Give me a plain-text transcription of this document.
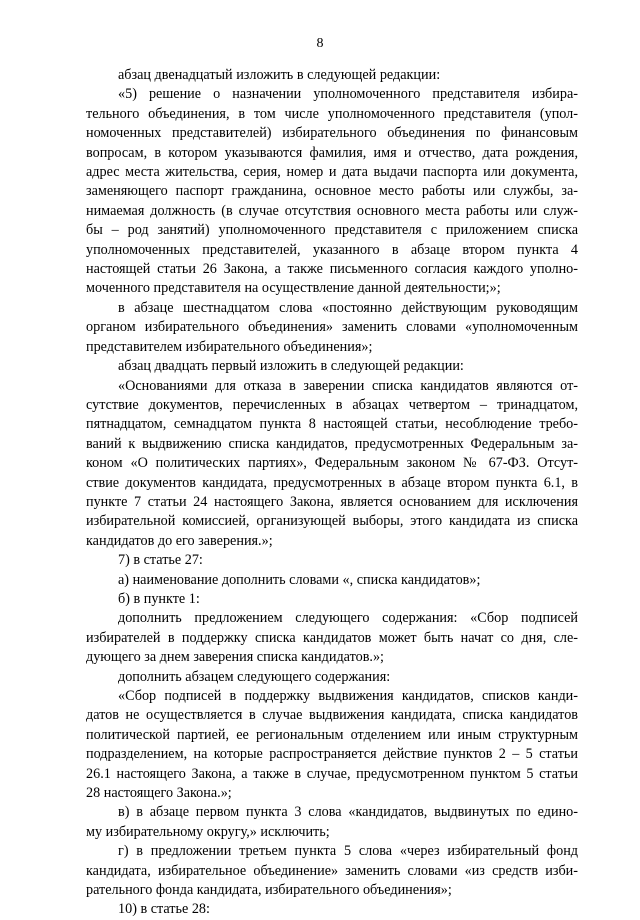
8
абзац двенадцатый изложить в следующей редакции:
«5) решение о назначении уполномоченного представителя избира-
тельного объединения, в том числе уполномоченного представителя (упол-
номоченных представителей) избирательного объединения по финансовым
вопросам, в котором указываются фамилия, имя и отчество, дата рождения,
адрес места жительства, серия, номер и дата выдачи паспорта или документа,
заменяющего паспорт гражданина, основное место работы или службы, за-
нимаемая должность (в случае отсутствия основного места работы или служ-
бы – род занятий) уполномоченного представителя с приложением списка
уполномоченных представителей, указанного в абзаце втором пункта 4
настоящей статьи 26 Закона, а также письменного согласия каждого уполно-
моченного представителя на осуществление данной деятельности;»;
в абзаце шестнадцатом слова «постоянно действующим руководящим
органом избирательного объединения» заменить словами «уполномоченным
представителем избирательного объединения»;
абзац двадцать первый изложить в следующей редакции:
«Основаниями для отказа в заверении списка кандидатов являются от-
сутствие документов, перечисленных в абзацах четвертом – тринадцатом,
пятнадцатом, семнадцатом пункта 8 настоящей статьи, несоблюдение требо-
ваний к выдвижению списка кандидатов, предусмотренных Федеральным за-
коном «О политических партиях», Федеральным законом № 67-ФЗ. Отсут-
ствие документов кандидата, предусмотренных в абзаце втором пункта 6.1, в
пункте 7 статьи 24 настоящего Закона, является основанием для исключения
избирательной комиссией, организующей выборы, этого кандидата из списка
кандидатов до его заверения.»;
7) в статье 27:
а) наименование дополнить словами «, списка кандидатов»;
б) в пункте 1:
дополнить предложением следующего содержания: «Сбор подписей
избирателей в поддержку списка кандидатов может быть начат со дня, сле-
дующего за днем заверения списка кандидатов.»;
дополнить абзацем следующего содержания:
«Сбор подписей в поддержку выдвижения кандидатов, списков канди-
датов не осуществляется в случае выдвижения кандидата, списка кандидатов
политической партией, ее региональным отделением или иным структурным
подразделением, на которые распространяется действие пунктов 2 – 5 статьи
26.1 настоящего Закона, а также в случае, предусмотренном пунктом 5 статьи
28 настоящего Закона.»;
в) в абзаце первом пункта 3 слова «кандидатов, выдвинутых по едино-
му избирательному округу,» исключить;
г) в предложении третьем пункта 5 слова «через избирательный фонд
кандидата, избирательное объединение» заменить словами «из средств изби-
рательного фонда кандидата, избирательного объединения»;
10) в статье 28:
